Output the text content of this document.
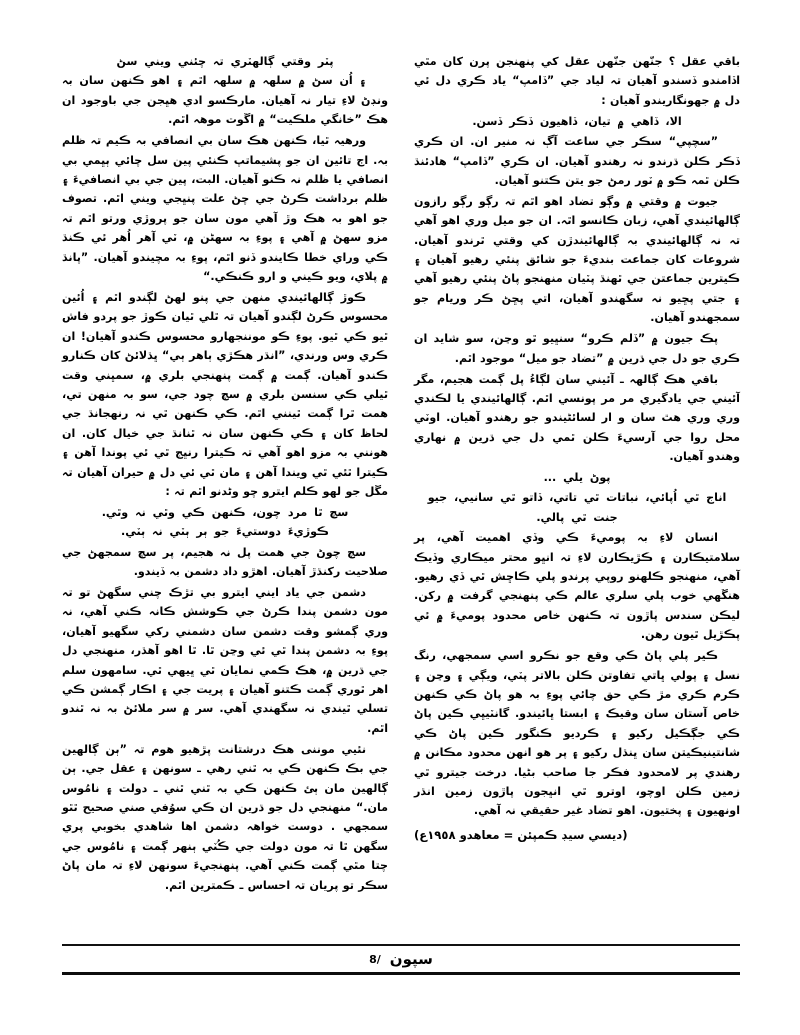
پٽر وقتي ڳالهٽري تہ چئني ويني سڻ

۽ اُن سڻ ۾ سلهہ ۾ سلهہ اٿم ۽ اهو ڪنهن سان بہ ونڊڻ لاءِ تيار نہ آهيان. مارڪسو ادي هڀجن جي باوجود ان هڪ ”خانگي ملڪيت“ ۾ اڱوت موهہ اٿم.

ورهيہ ٿيا، ڪنهن هڪ سان بي انصافي بہ ڪيم تہ ظلم بہ. اڄ تائين ان جو پشيماتپ ڪنئي پين سل چائي ٻڀمي بي انصافي يا ظلم نہ ڪنو آهيان. البت، پين جي بي انصافيءَ ۽ ظلم برداشت ڪرڻ جي چڻ علت پنڀجي ويني اٿم. تصوف جو اهو بہ هڪ وڙ آهي مون سان جو پروڙي ورتو اٿم تہ مزو سهڻ ۾ آهي ۽ پوءِ بہ سهڻن ۾، ٽي آهر اُهر ئي ڪنڌ ڪي وراي خطا ڪايندو ڏنو اٿم، پوءِ بہ مچيندو آهيان. ”پانڌ ۾ پلاي، ويو ڪيني و ارو ڪنڪي.“

ڪوڙ ڳالهائيندي منهن جي پنو لهڻ لڳندو اٿم ۽ اُئين محسوس ڪرڻ لڳندو آهيان تہ ٿلي ٿيان ڪوڙ جو پردو فاش ٿيو ڪي ٿيو. پوءِ ڪو موننجهارو محسوس ڪندو آهيان! ان ڪري وس ورندي، ”انڌر هڪڙي ٻاهر ٻي“ ڀڌلائڻ کان ڪنارو ڪندو آهيان. ڳمت ۾ ڳمت پنهنجي بلري ۾، سمڀني وقت ٿيلي ڪي سنسن بلري ۾ سچ چود جي، سو بہ منهن تي، همت ٿرا ڳمت ٿينني اٿم. ڪي ڪنهن ٿي نہ رنهجانڌ جي لحاظ کان ۽ ڪي ڪنهن سان نہ ٿنانڌ جي خيال کان. ان هونني بہ مزو اهو آهي تہ ڪيترا رنڀج ٿي ئي پوندا آهن ۽ ڪيترا ٿئي ٿي ويندا آهن ۽ مان ٿي ئي دل ۾ حيران آهيان تہ مڱل جو لهو ڪلم ايترو چو وڻدنو اٿم تہ :

سچ ٿا مرد چون، ڪنهن ڪي وٿي نہ وٿي.

ڪوڙيءَ دوستيءَ جو ٻر ٻٽي نہ ٻٽي.

سچ چوڻ جي همت پل نہ هجيم، پر سچ سمجهڻ جي صلاحيت رکنڌڙ آهيان. اهڙو داد دشمن بہ ڏيندو.

دشمن جي ياد ايني ايترو بي تڙڪ چني سگهڻ تو تہ مون دشمن پندا ڪرڻ جي ڪوشش ڪانہ ڪني آهي، نہ وري ڳمشو وقت دشمن سان دشمني رکي سگهيو آهيان، پوءِ بہ دشمن پندا ٿي ئي وڃن ٿا. ٿا اهو آهڌر، منهنجي دل جي ڌرين ۾، هڪ ڪمي نمايان ٿي ڀيهي ٿي. سامهون سلم اهر ٿوري ڳمت ڪتنو آهيان ۽ پريت جي ۽ اڪار ڳمشن ڪي تسلي ٿيندي نہ سگهندي آهي. سر ۾ سر ملائڻ بہ نہ ٿندو اٿم.

نئيي موننی هڪ درشتانت پڙهيو هوم تہ ”ٻن ڳالهين جي بڪ ڪنهن ڪي بہ ٿني رهي ـ سونهن ۽ عقل جي. ٻن ڳالهين مان ٻئ ڪنهن ڪي بہ ٿني ٿني ـ دولت ۽ نامُوس مان.“ منهنجي دل جو ڌرين ان ڪي سوُفي صني صحيح ٿٿو سمجهي . دوست خواهہ دشمن اها شاهدي بخوبي پري سگهن ٿا تہ مون دولت جي ڪُٽي ٻنهر ڳمت ۽ نامُوس جي چتا مٿي ڳمت ڪني آهي. پنهنجيءَ سونهن لاءِ تہ مان پاڻ سڪر تو پريان تہ احساس ـ ڪمترين اٿم.

باقي عقل ؟ جنّهن جنّهن عقل کي پنهنجن پرن کان مٿي اڏامندو ڏسندو آهيان تہ لياد جي ”ڏامپ“ ياد ڪري دل ئي دل ۾ جهونگاريندو آهيان :

الا، ڏاهي ۾ تيان، ڏاهيون ڏڪر ڏسن.

”سچپي“ سڪر جي ساعت آڳ نہ منير ان. ان ڪري ڏڪر ڪلن ڌرندو نہ رهندو آهيان. ان ڪري ”ڏامپ“ هادئنڌ ڪلن ٿمہ ڪو ۾ ٽور رمڻ جو يتن ڪتنو آهيان.

جيوت ۾ وقتي ۾ وڳو تضاد اهو اٿم تہ رڳو رڳو رازون ڳالهائيندي آهي، زبان ڪانسو اٿہ. ان جو ميل وري اهو آهي تہ نہ ڳالهائيندي بہ ڳالهائيندڙن کي وقتي ٿرندو آهيان. شروعات کان جماعت بنديءَ جو شائق پنئي رهيو آهيان ۽ ڪيترين جماعتن جي ٿهنڌ پٽيان منهنجو پاڻ پنئي رهيو آهي ۽ جتي پڇيو نہ سگهندو آهيان، اتي پڇڻ ڪر وريام جو سمجهندو آهيان.

پڪ جيون ۾ ”ڏلم ڪرو“ سنڀيو ٿو وڃن، سو شايد ان ڪري جو دل جي ڌرين ۾ ”تضاد جو ميل“ موجود اٿم.

باقي هڪ ڳالهہ ـ آئيني سان لڳاءُ پل ڳمت هجيم، مگر آئيني جي يادگيري مر مر پونسي اٿم. ڳالهائيندي يا لڪندي وري وري هٿ سان و ار لسائڻيندو جو رهندو آهيان. اوٽي محل روا جي آرسيءَ ڪلن ٿمي دل جي ڌرين ۾ نهاري وهندو آهيان.

پوڻ يلي ...

اناج ٿي اُپائي، نباتات ٿي تاتي، ڏاتو ٿي سانيي، جيو

جنت ٿي پالي.

انسان لاءِ بہ پوميءَ ڪي وڏي اهميت آهي، پر سلامتيڪارن ۽ ڪڙيڪارن لاءِ تہ انڀو محتر ميڪاري وڏيڪ آهي، منهنجو ڪلهنو روپي پرندو پلي ڪاڇش ٿي ڏي رهيو. هنڱهي خوب پلي سلري عالم ڪي پنهنجي گرفت ۾ رکن. ليڪن سندس پاڙون تہ ڪنهن خاص محدود پوميءَ ۾ ئي پڪڙيل ٿيون رهن.

ڪير پلي پاڻ ڪي وقع جو نڪرو اسي سمجهي، رنگ نسل ۽ پولي ڀاتي تفاوتن ڪلن بالاتر پٽي، ويڳي ۽ وڃن ۽ ڪرم ڪري مڙ ڪي حق چائي پوءِ بہ هو پاڻ ڪي ڪنهن خاص آستان سان وقيڪ ۽ ابستا ڀائيندو. گانٽيڀي ڪين پاڻ ڪي جڳڪيل رکيو ۽ ڪرديو ڪنگور ڪين پاڻ ڪي شانتينيڪيتن سان ڀنڌل رکيو ۽ پر هو انهن محدود مڪانن ۾ رهندي پر لامحدود فڪر جا صاحب بڻيا. درخت جيترو ٿي زمين ڪلن اوچو، اوترو ٿي انڀجون پاڙون زمين انڌر اونهيون ۽ پختيون. اهو تضاد غير حقيقي نہ آهي.

(ديسي سيڊ ڪمپئن = معاهدو ١٩٥٨ع)

سپون
8/
